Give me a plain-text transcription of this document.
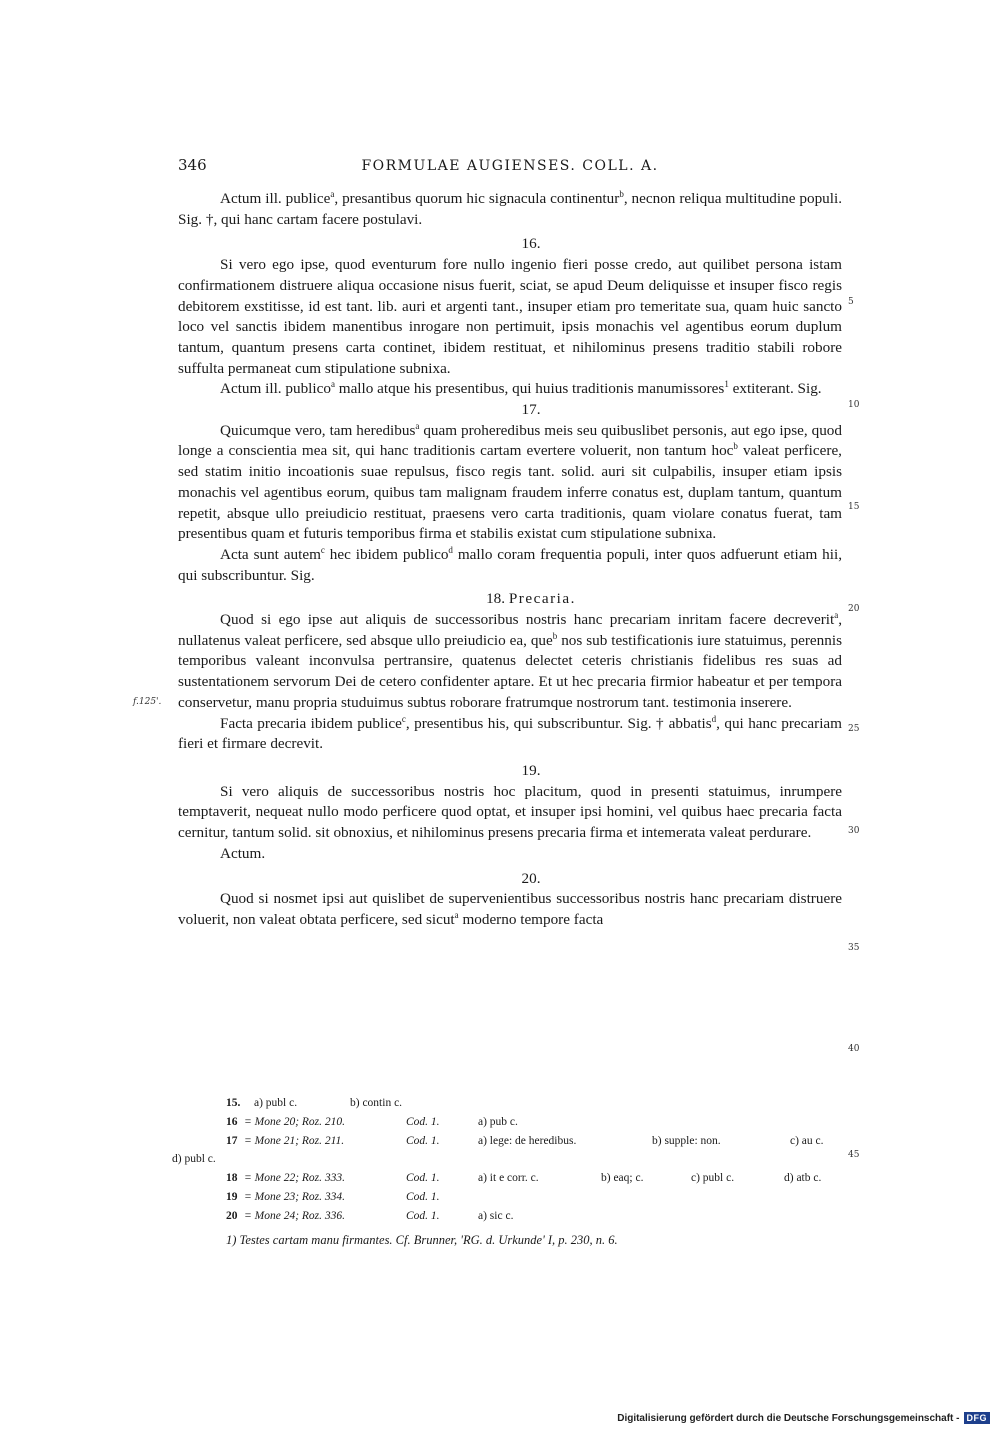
346	FORMULAE AUGIENSES. COLL. A.

Actum ill. publice$^a$, presantibus quorum hic signacula continentur$^b$, necnon reliqua multitudine populi. Sig. †, qui hanc cartam facere postulavi.

16.

Si vero ego ipse, quod eventurum fore nullo ingenio fieri posse credo, aut quilibet persona istam confirmationem distruere aliqua occasione nisus fuerit, sciat, se apud Deum deliquisse et insuper fisco regis debitorem exstitisse, id est tant. lib. auri et argenti tant., insuper etiam pro temeritate sua, quam huic sancto loco vel sanctis ibidem manentibus inrogare non pertimuit, ipsis monachis vel agentibus eorum duplum tantum, quantum presens carta continet, ibidem restituat, et nihilominus presens traditio stabili robore suffulta permaneat cum stipulatione subnixa.

Actum ill. publico$^a$ mallo atque his presentibus, qui huius traditionis manumissores$^1$ extiterant. Sig.

17.

Quicumque vero, tam heredibus$^a$ quam proheredibus meis seu quibuslibet personis, aut ego ipse, quod longe a conscientia mea sit, qui hanc traditionis cartam evertere voluerit, non tantum hoc$^b$ valeat perficere, sed statim initio incoationis suae repulsus, fisco regis tant. solid. auri sit culpabilis, insuper etiam ipsis monachis vel agentibus eorum, quibus tam malignam fraudem inferre conatus est, duplam tantum, quantum repetit, absque ullo preiudicio restituat, praesens vero carta traditionis, quam violare conatus fuerat, tam presentibus quam et futuris temporibus firma et stabilis existat cum stipulatione subnixa.

Acta sunt autem$^c$ hec ibidem publico$^d$ mallo coram frequentia populi, inter quos adfuerunt etiam hii, qui subscribuntur. Sig.

18. Precaria.

Quod si ego ipse aut aliquis de successoribus nostris hanc precariam inritam facere decreverit$^a$, nullatenus valeat perficere, sed absque ullo preiudicio ea, que$^b$ nos sub testificationis iure statuimus, perennis temporibus valeant inconvulsa pertransire, quatenus delectet ceteris christianis fidelibus res suas ad sustentationem servorum Dei de cetero confidenter aptare. Et ut hec precaria firmior habeatur et per tempora conservetur, manu propria studuimus subtus roborare fratrumque nostrorum tant. testimonia inserere.

Facta precaria ibidem publice$^c$, presentibus his, qui subscribuntur. Sig. † abbatis$^d$, qui hanc precariam fieri et firmare decrevit.

19.

Si vero aliquis de successoribus nostris hoc placitum, quod in presenti statuimus, inrumpere temptaverit, nequeat nullo modo perficere quod optat, et insuper ipsi homini, vel quibus haec precaria facta cernitur, tantum solid. sit obnoxius, et nihilominus presens precaria firma et intemerata valeat perdurare.

Actum.

20.

Quod si nosmet ipsi aut quislibet de supervenientibus successoribus nostris hanc precariam distruere voluerit, non valeat obtata perficere, sed sicut$^a$ moderno tempore facta

5
10
15
20
25
30
35
40
45
f.125'.
15. a) publ c.	b) contin c.
16 = Mone 20; Roz. 210.	Cod. 1.	a) pub c.
17 = Mone 21; Roz. 211.	Cod. 1.	a) lege: de heredibus.	b) supple: non.	c) au c.
d) publ c.
18 = Mone 22; Roz. 333.	Cod. 1.	a) it e corr. c.	b) eaq; c.	c) publ c.	d) atb c.
19 = Mone 23; Roz. 334.	Cod. 1.
20 = Mone 24; Roz. 336.	Cod. 1.	a) sic c.
1) Testes cartam manu firmantes. Cf. Brunner, 'RG. d. Urkunde' I, p. 230, n. 6.
Digitalisierung gefördert durch die Deutsche Forschungsgemeinschaft - DFG
